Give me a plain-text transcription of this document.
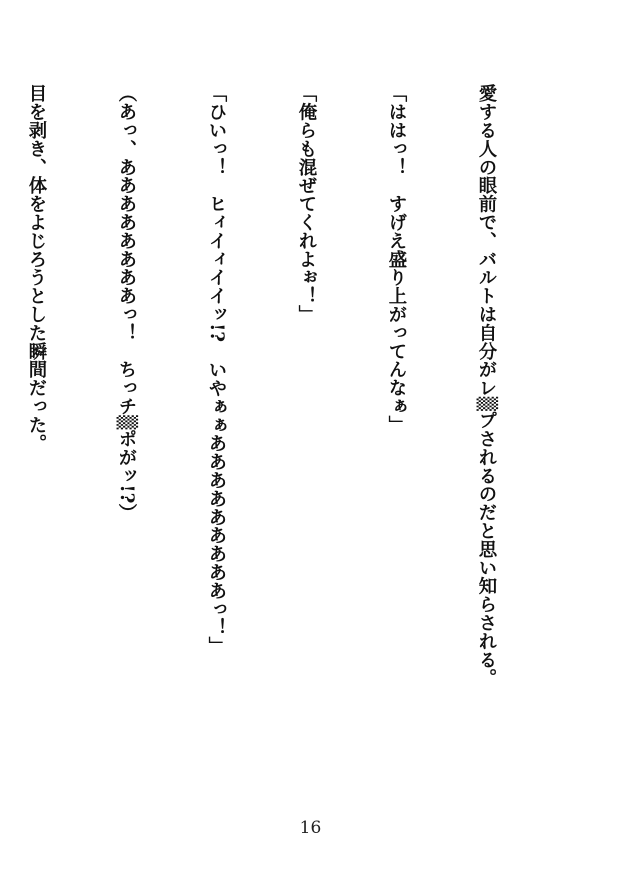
愛する人の眼前で、バルトは自分がレ▒プされるのだと思い知らされる。

「ははっ！　すげえ盛り上がってんなぁ」

「俺らも混ぜてくれよぉ！」

「ひいっ！　ヒィイィイイッ!?　いやぁぁあああああああああっ！」

（あっ、ああああああああっ！　ちっチ▒ポがッ!?）

目を剥き、体をよじろうとした瞬間だった。

16
